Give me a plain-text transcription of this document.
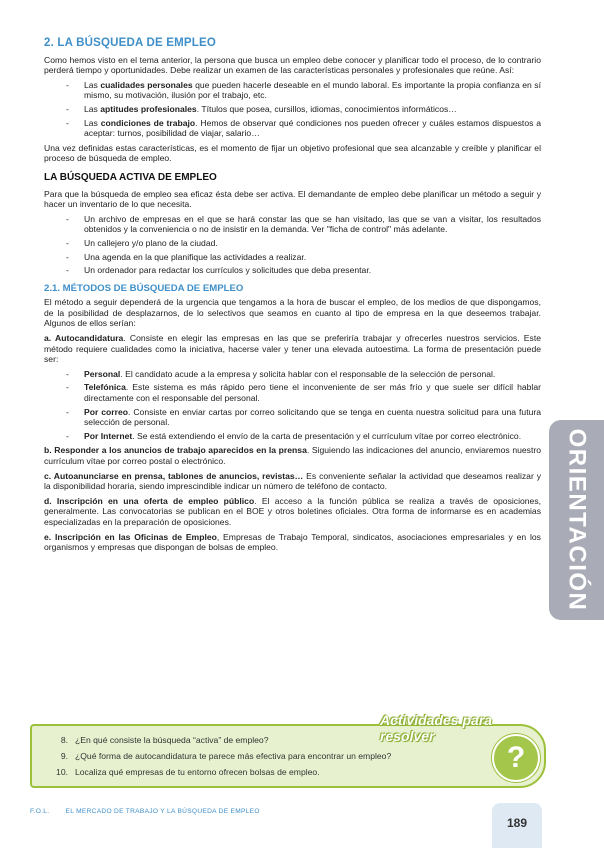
2. LA BÚSQUEDA DE EMPLEO

Como hemos visto en el tema anterior, la persona que busca un empleo debe conocer y planificar todo el proceso, de lo contrario perderá tiempo y oportunidades. Debe realizar un examen de las características personales y profesionales que reúne. Así:

- Las cualidades personales que pueden hacerle deseable en el mundo laboral. Es importante la propia confianza en sí mismo, su motivación, ilusión por el trabajo, etc.
- Las aptitudes profesionales. Títulos que posea, cursillos, idiomas, conocimientos informáticos…
- Las condiciones de trabajo. Hemos de observar qué condiciones nos pueden ofrecer y cuáles estamos dispuestos a aceptar: turnos, posibilidad de viajar, salario…

Una vez definidas estas características, es el momento de fijar un objetivo profesional que sea alcanzable y creíble y planificar el proceso de búsqueda de empleo.

LA BÚSQUEDA ACTIVA DE EMPLEO

Para que la búsqueda de empleo sea eficaz ésta debe ser activa. El demandante de empleo debe planificar un método a seguir y hacer un inventario de lo que necesita.

- Un archivo de empresas en el que se hará constar las que se han visitado, las que se van a visitar, los resultados obtenidos y la conveniencia o no de insistir en la demanda. Ver "ficha de control" más adelante.
- Un callejero y/o plano de la ciudad.
- Una agenda en la que planifique las actividades a realizar.
- Un ordenador para redactar los currículos y solicitudes que deba presentar.
2.1. MÉTODOS DE BÚSQUEDA DE EMPLEO

El método a seguir dependerá de la urgencia que tengamos a la hora de buscar el empleo, de los medios de que dispongamos, de la posibilidad de desplazarnos, de lo selectivos que seamos en cuanto al tipo de empresa en la que deseemos trabajar. Algunos de ellos serían:

a. Autocandidatura. Consiste en elegir las empresas en las que se preferiría trabajar y ofrecerles nuestros servicios. Este método requiere cualidades como la iniciativa, hacerse valer y tener una elevada autoestima. La forma de presentación puede ser:

- Personal. El candidato acude a la empresa y solicita hablar con el responsable de la selección de personal.
- Telefónica. Este sistema es más rápido pero tiene el inconveniente de ser más frío y que suele ser difícil hablar directamente con el responsable del personal.
- Por correo. Consiste en enviar cartas por correo solicitando que se tenga en cuenta nuestra solicitud para una futura selección de personal.
- Por Internet. Se está extendiendo el envío de la carta de presentación y el currículum vítae por correo electrónico.

b. Responder a los anuncios de trabajo aparecidos en la prensa. Siguiendo las indicaciones del anuncio, enviaremos nuestro currículum vítae por correo postal o electrónico.

c. Autoanunciarse en prensa, tablones de anuncios, revistas… Es conveniente señalar la actividad que deseamos realizar y la disponibilidad horaria, siendo imprescindible indicar un número de teléfono de contacto.

d. Inscripción en una oferta de empleo público. El acceso a la función pública se realiza a través de oposiciones, generalmente. Las convocatorias se publican en el BOE y otros boletines oficiales. Otra forma de informarse es en academias especializadas en la preparación de oposiciones.

e. Inscripción en las Oficinas de Empleo, Empresas de Trabajo Temporal, sindicatos, asociaciones empresariales y en los organismos y empresas que dispongan de bolsas de empleo.	ORIENTACIÓN
Actividades para resolver
8. ¿En qué consiste la búsqueda “activa” de empleo?
9. ¿Qué forma de autocandidatura te parece más efectiva para encontrar un empleo?
10. Localiza qué empresas de tu entorno ofrecen bolsas de empleo.	?
F.O.L. EL MERCADO DE TRABAJO Y LA BÚSQUEDA DE EMPLEO
189
